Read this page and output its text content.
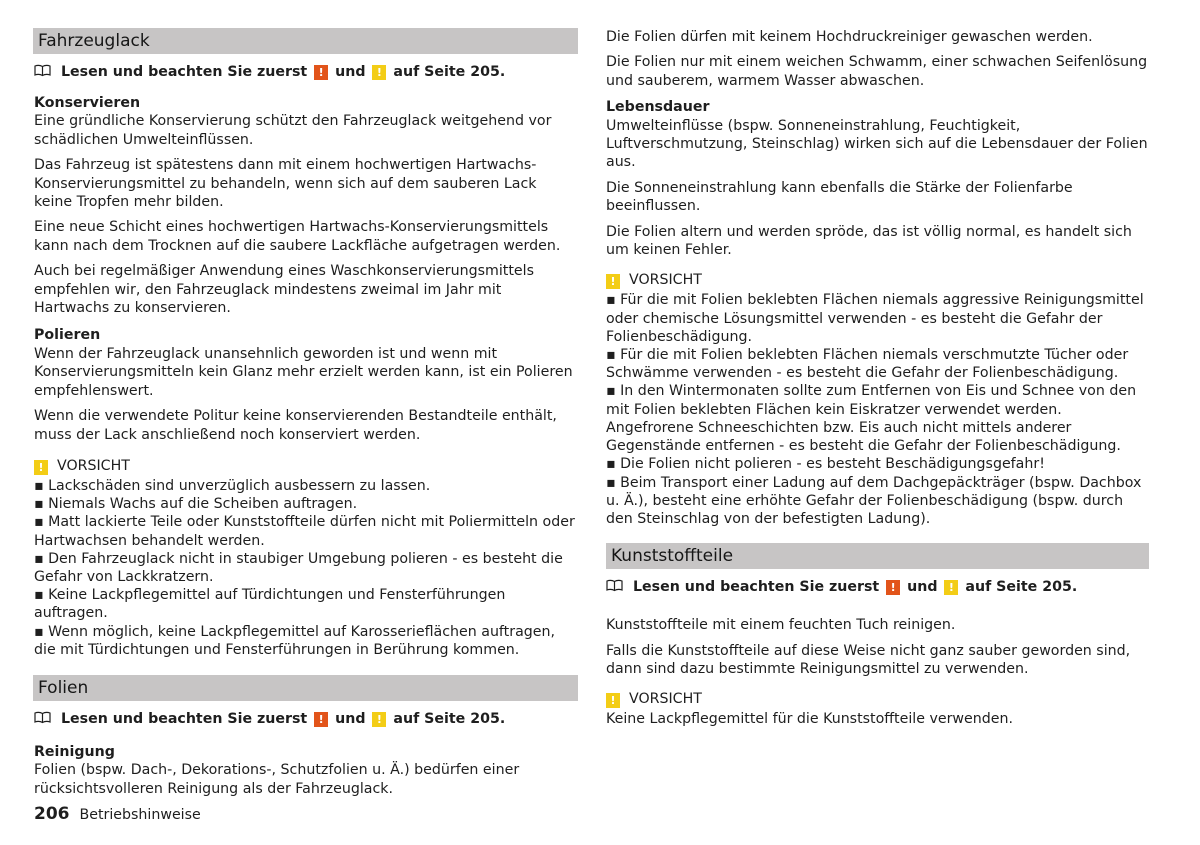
Fahrzeuglack
Lesen und beachten Sie zuerst ! und ! auf Seite 205.
Konservieren

Eine gründliche Konservierung schützt den Fahrzeuglack weitgehend vor schädlichen Umwelteinflüssen.

Das Fahrzeug ist spätestens dann mit einem hochwertigen Hartwachs-Konservierungsmittel zu behandeln, wenn sich auf dem sauberen Lack keine Tropfen mehr bilden.

Eine neue Schicht eines hochwertigen Hartwachs-Konservierungsmittels kann nach dem Trocknen auf die saubere Lackfläche aufgetragen werden.

Auch bei regelmäßiger Anwendung eines Waschkonservierungsmittels empfehlen wir, den Fahrzeuglack mindestens zweimal im Jahr mit Hartwachs zu konservieren.

Polieren

Wenn der Fahrzeuglack unansehnlich geworden ist und wenn mit Konservierungsmitteln kein Glanz mehr erzielt werden kann, ist ein Polieren empfehlenswert.

Wenn die verwendete Politur keine konservierenden Bestandteile enthält, muss der Lack anschließend noch konserviert werden.

! VORSICHT
▪ Lackschäden sind unverzüglich ausbessern zu lassen.
▪ Niemals Wachs auf die Scheiben auftragen.
▪ Matt lackierte Teile oder Kunststoffteile dürfen nicht mit Poliermitteln oder Hartwachsen behandelt werden.
▪ Den Fahrzeuglack nicht in staubiger Umgebung polieren - es besteht die Gefahr von Lackkratzern.
▪ Keine Lackpflegemittel auf Türdichtungen und Fensterführungen auftragen.
▪ Wenn möglich, keine Lackpflegemittel auf Karosserieflächen auftragen, die mit Türdichtungen und Fensterführungen in Berührung kommen.
Folien
Lesen und beachten Sie zuerst ! und ! auf Seite 205.
Reinigung

Folien (bspw. Dach-, Dekorations-, Schutzfolien u. Ä.) bedürfen einer rücksichtsvolleren Reinigung als der Fahrzeuglack.

Die Folien dürfen mit keinem Hochdruckreiniger gewaschen werden.

Die Folien nur mit einem weichen Schwamm, einer schwachen Seifenlösung und sauberem, warmem Wasser abwaschen.

Lebensdauer

Umwelteinflüsse (bspw. Sonneneinstrahlung, Feuchtigkeit, Luftverschmutzung, Steinschlag) wirken sich auf die Lebensdauer der Folien aus.

Die Sonneneinstrahlung kann ebenfalls die Stärke der Folienfarbe beeinflussen.

Die Folien altern und werden spröde, das ist völlig normal, es handelt sich um keinen Fehler.

! VORSICHT
▪ Für die mit Folien beklebten Flächen niemals aggressive Reinigungsmittel oder chemische Lösungsmittel verwenden - es besteht die Gefahr der Folienbeschädigung.
▪ Für die mit Folien beklebten Flächen niemals verschmutzte Tücher oder Schwämme verwenden - es besteht die Gefahr der Folienbeschädigung.
▪ In den Wintermonaten sollte zum Entfernen von Eis und Schnee von den mit Folien beklebten Flächen kein Eiskratzer verwendet werden. Angefrorene Schneeschichten bzw. Eis auch nicht mittels anderer Gegenstände entfernen - es besteht die Gefahr der Folienbeschädigung.
▪ Die Folien nicht polieren - es besteht Beschädigungsgefahr!
▪ Beim Transport einer Ladung auf dem Dachgepäckträger (bspw. Dachbox u. Ä.), besteht eine erhöhte Gefahr der Folienbeschädigung (bspw. durch den Steinschlag von der befestigten Ladung).
Kunststoffteile
Lesen und beachten Sie zuerst ! und ! auf Seite 205.

Kunststoffteile mit einem feuchten Tuch reinigen.

Falls die Kunststoffteile auf diese Weise nicht ganz sauber geworden sind, dann sind dazu bestimmte Reinigungsmittel zu verwenden.

! VORSICHT
Keine Lackpflegemittel für die Kunststoffteile verwenden.
206 Betriebshinweise
